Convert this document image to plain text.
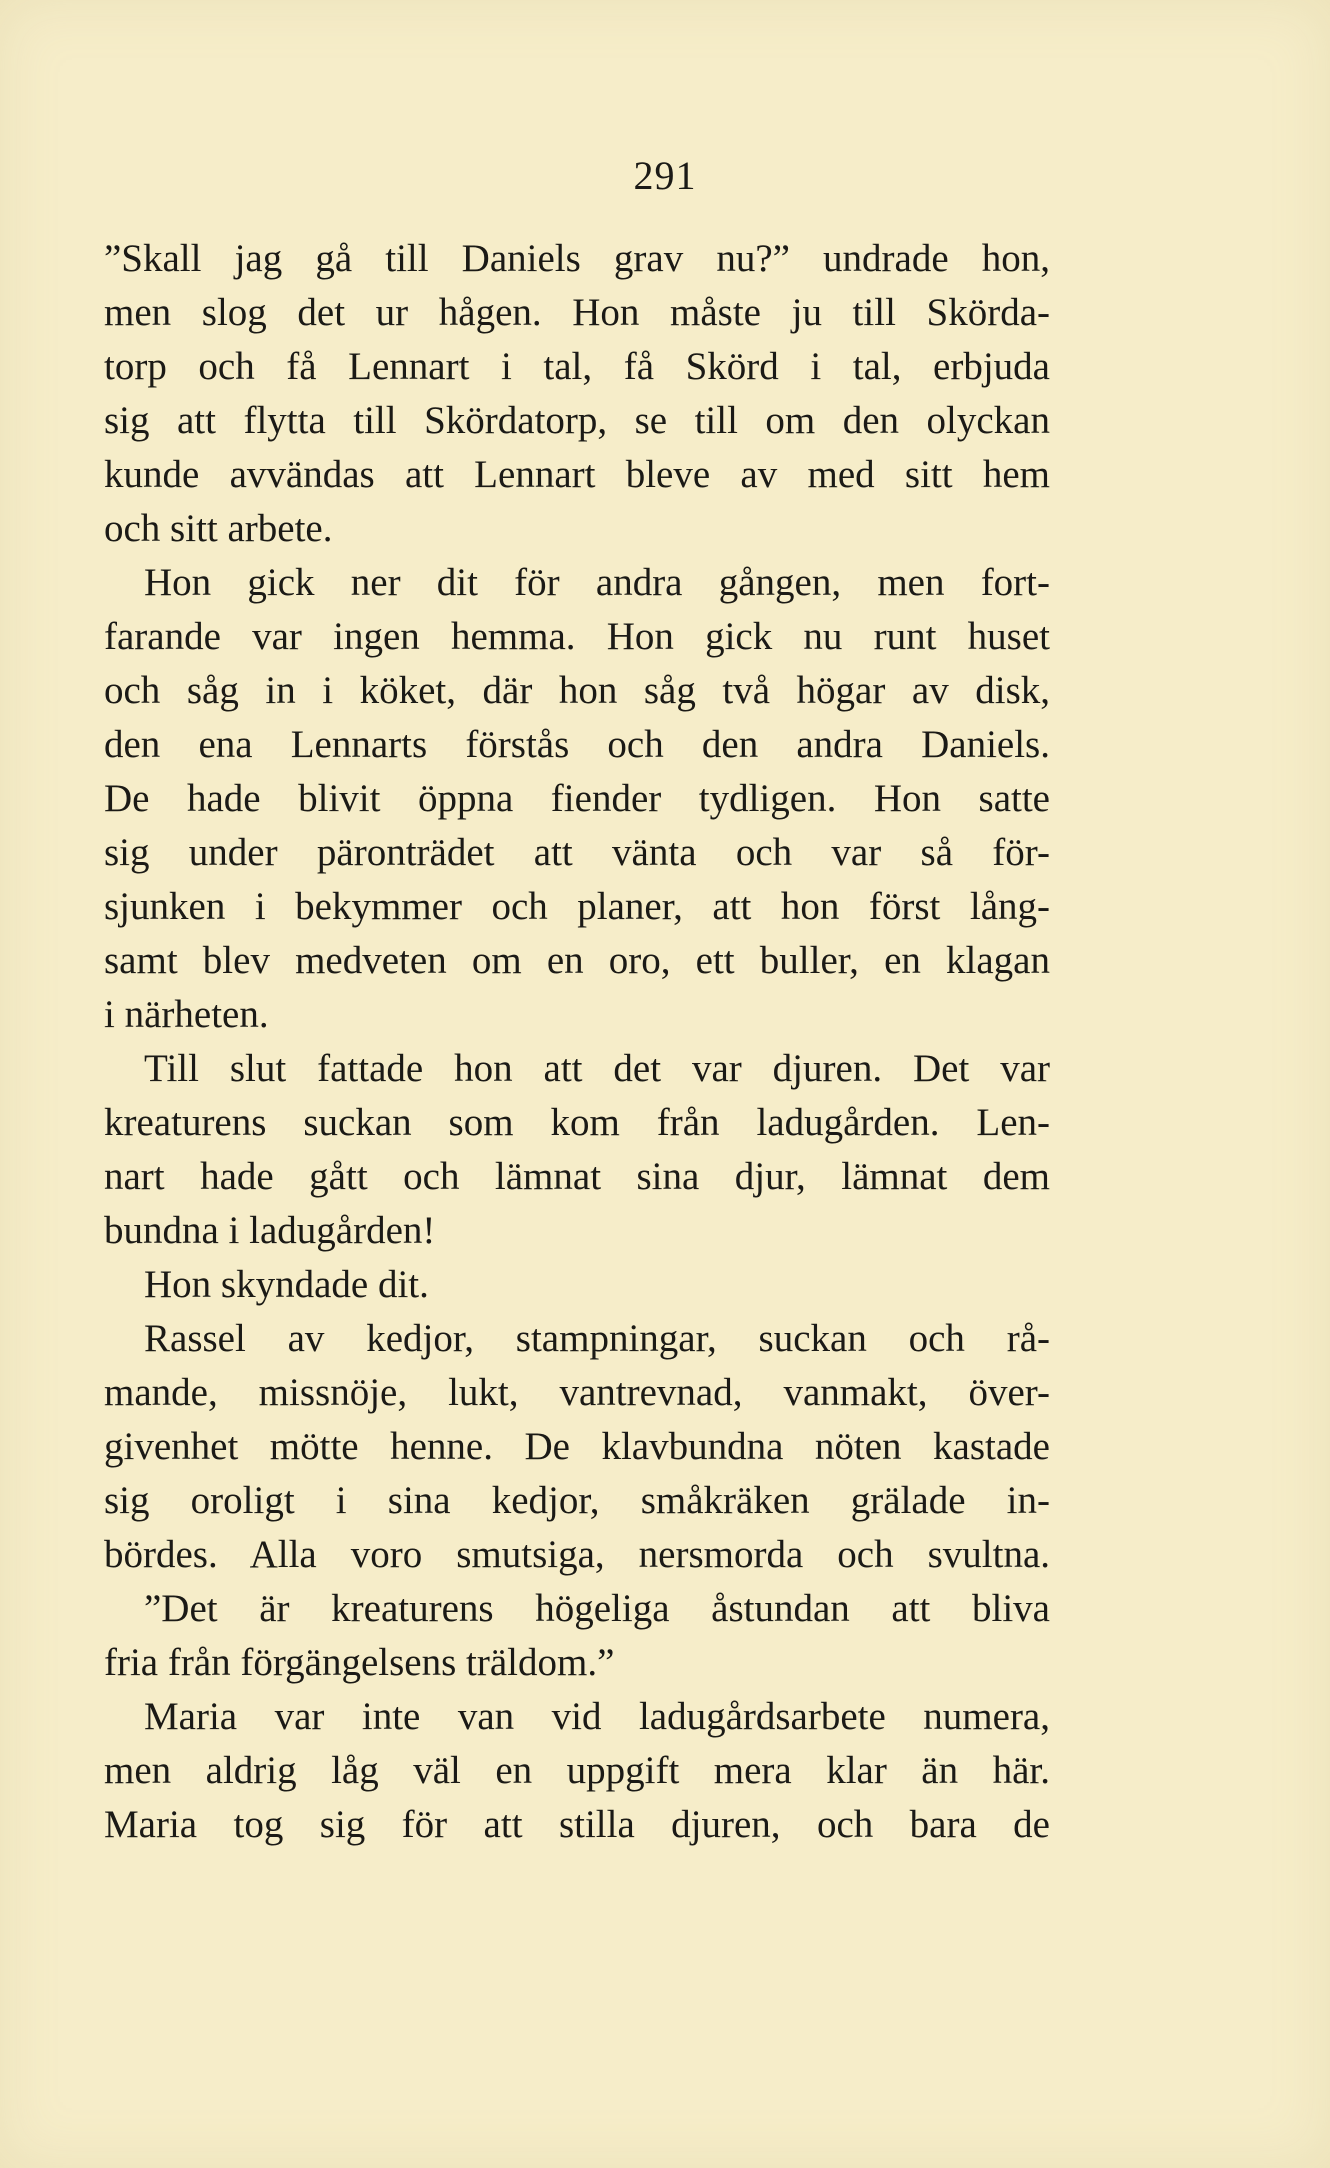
291
”Skall jag gå till Daniels grav nu?” undrade hon,
men slog det ur hågen. Hon måste ju till Skörda-
torp och få Lennart i tal, få Skörd i tal, erbjuda
sig att flytta till Skördatorp, se till om den olyckan
kunde avvändas att Lennart bleve av med sitt hem
och sitt arbete.
Hon gick ner dit för andra gången, men fort-
farande var ingen hemma. Hon gick nu runt huset
och såg in i köket, där hon såg två högar av disk,
den ena Lennarts förstås och den andra Daniels.
De hade blivit öppna fiender tydligen. Hon satte
sig under päronträdet att vänta och var så för-
sjunken i bekymmer och planer, att hon först lång-
samt blev medveten om en oro, ett buller, en klagan
i närheten.
Till slut fattade hon att det var djuren. Det var
kreaturens suckan som kom från ladugården. Len-
nart hade gått och lämnat sina djur, lämnat dem
bundna i ladugården!
Hon skyndade dit.
Rassel av kedjor, stampningar, suckan och rå-
mande, missnöje, lukt, vantrevnad, vanmakt, över-
givenhet mötte henne. De klavbundna nöten kastade
sig oroligt i sina kedjor, småkräken grälade in-
bördes. Alla voro smutsiga, nersmorda och svultna.
”Det är kreaturens högeliga åstundan att bliva
fria från förgängelsens träldom.”
Maria var inte van vid ladugårdsarbete numera,
men aldrig låg väl en uppgift mera klar än här.
Maria tog sig för att stilla djuren, och bara de
